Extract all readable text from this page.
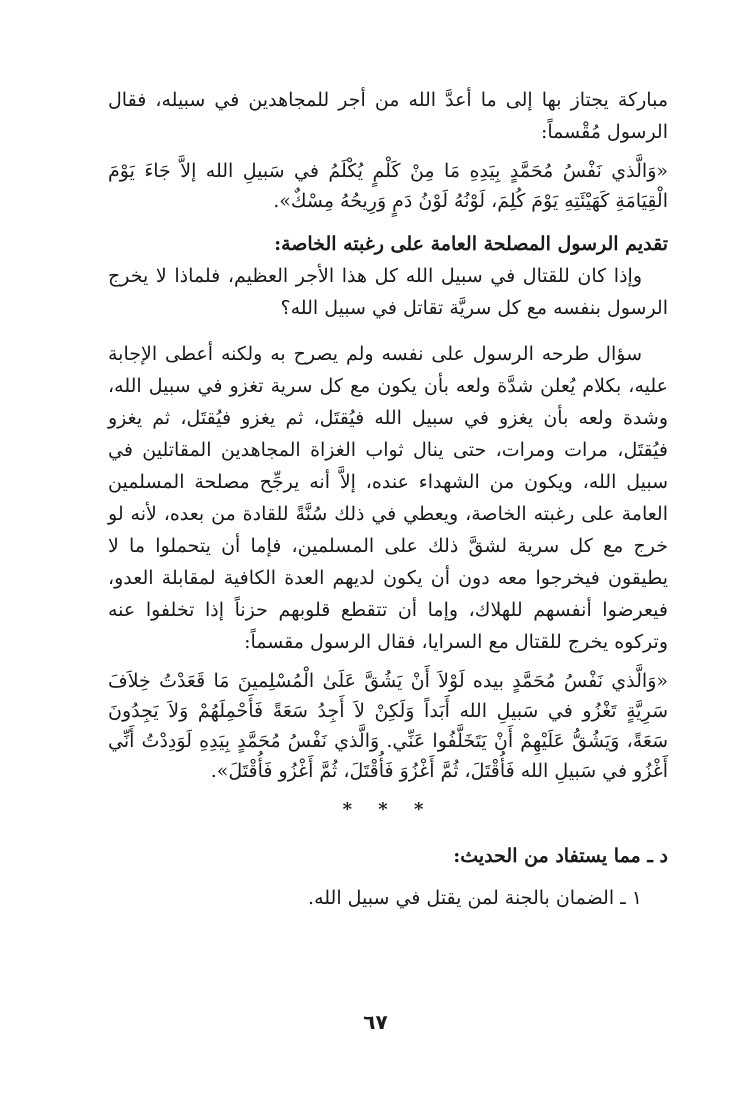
مباركة يجتاز بها إلى ما أعدَّ الله من أجر للمجاهدين في سبيله، فقال الرسول مُقْسماً:

«وَالَّذي نَفْسُ مُحَمَّدٍ بِيَدِهِ مَا مِنْ كَلْمٍ يُكْلَمُ في سَبيلِ الله إلاَّ جَاءَ يَوْمَ الْقِيَامَةِ كَهَيْئَتِهِ يَوْمَ كُلِمَ، لَوْنُهُ لَوْنُ دَمٍ وَرِيحُهُ مِسْكٌ».

تقديم الرسول المصلحة العامة على رغبته الخاصة:

وإذا كان للقتال في سبيل الله كل هذا الأجر العظيم، فلماذا لا يخرج الرسول بنفسه مع كل سريَّة تقاتل في سبيل الله؟

سؤال طرحه الرسول على نفسه ولم يصرح به ولكنه أعطى الإجابة عليه، بكلام يُعلن شدَّة ولعه بأن يكون مع كل سرية تغزو في سبيل الله، وشدة ولعه بأن يغزو في سبيل الله فيُقتَل، ثم يغزو فيُقتَل، ثم يغزو فيُقتَل، مرات ومرات، حتى ينال ثواب الغزاة المجاهدين المقاتلين في سبيل الله، ويكون من الشهداء عنده، إلاَّ أنه يرجِّح مصلحة المسلمين العامة على رغبته الخاصة، ويعطي في ذلك سُنَّةً للقادة من بعده، لأنه لو خرج مع كل سرية لشقَّ ذلك على المسلمين، فإما أن يتحملوا ما لا يطيقون فيخرجوا معه دون أن يكون لديهم العدة الكافية لمقابلة العدو، فيعرضوا أنفسهم للهلاك، وإما أن تتقطع قلوبهم حزناً إذا تخلفوا عنه وتركوه يخرج للقتال مع السرايا، فقال الرسول مقسماً:

«وَالَّذي نَفْسُ مُحَمَّدٍ بيده لَوْلاَ أَنْ يَشُقَّ عَلَىٰ الْمُسْلِمينَ مَا قَعَدْتُ خِلاَفَ سَرِيَّةٍ تَغْزُو في سَبيلِ الله أَبَداً وَلَكِنْ لاَ أَجِدُ سَعَةً فَأَحْمِلَهُمْ وَلاَ يَجِدُونَ سَعَةً، وَيَشُقُّ عَلَيْهِمْ أَنْ يَتَخَلَّفُوا عَنِّي. وَالَّذي نَفْسُ مُحَمَّدٍ بِيَدِهِ لَوَدِدْتُ أَنِّي أَغْزُو في سَبيلِ الله فَأُقْتَلَ، ثُمَّ أَغْزُوَ فَأُقْتَلَ، ثُمَّ أَغْزُو فَأُقْتَلَ».

* * *

د ـ مما يستفاد من الحديث:

١ ـ الضمان بالجنة لمن يقتل في سبيل الله.

٦٧
